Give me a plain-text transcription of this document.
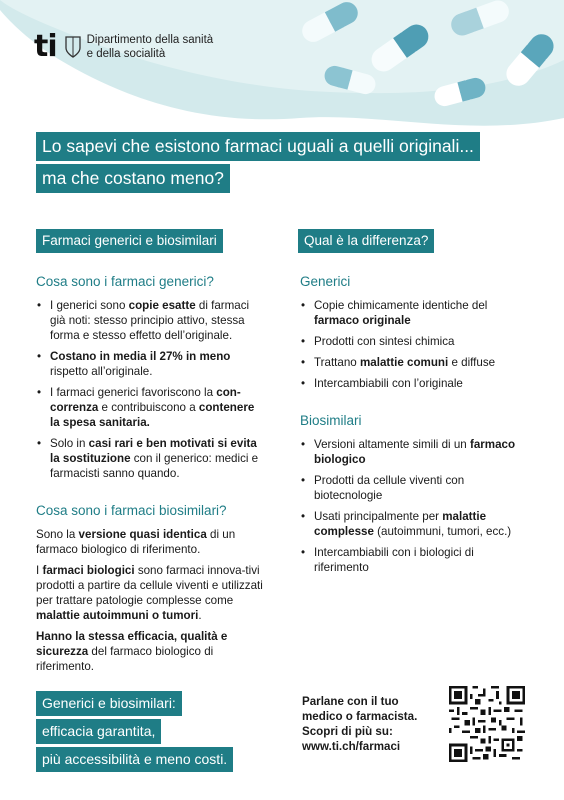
ti	Dipartimento della sanità
e della socialità
Lo sapevi che esistono farmaci uguali a quelli originali...
ma che costano meno?
Farmaci generici e biosimilari	Qual è la differenza?
Cosa sono i farmaci generici?
• I generici sono copie esatte di farmaci già noti: stesso principio attivo, stessa forma e stesso effetto dell’originale.
• Costano in media il 27% in meno rispetto all’originale.
• I farmaci generici favoriscono la con-correnza e contribuiscono a contenere la spesa sanitaria.
• Solo in casi rari e ben motivati si evita la sostituzione con il generico: medici e farmacisti sanno quando.
Cosa sono i farmaci biosimilari?

Sono la versione quasi identica di un farmaco biologico di riferimento.

I farmaci biologici sono farmaci innova-tivi prodotti a partire da cellule viventi e utilizzati per trattare patologie complesse come malattie autoimmuni o tumori.

Hanno la stessa efficacia, qualità e sicurezza del farmaco biologico di riferimento.

Generici
• Copie chimicamente identiche del farmaco originale
• Prodotti con sintesi chimica
• Trattano malattie comuni e diffuse
• Intercambiabili con l’originale
Biosimilari
• Versioni altamente simili di un farmaco biologico
• Prodotti da cellule viventi con biotecnologie
• Usati principalmente per malattie complesse (autoimmuni, tumori, ecc.)
• Intercambiabili con i biologici di riferimento
Generici e biosimilari:
efficacia garantita,
più accessibilità e meno costi.
Parlane con il tuo
medico o farmacista.
Scopri di più su:
www.ti.ch/farmaci
